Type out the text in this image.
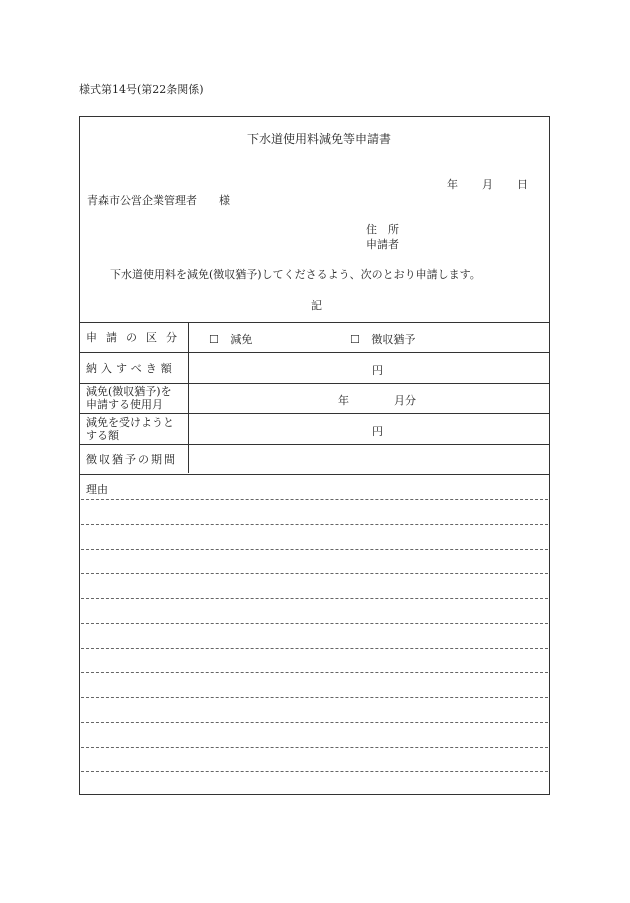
様式第14号(第22条関係)
下水道使用料減免等申請書
年 月 日
青森市公営企業管理者　　様
住　所
申請者
下水道使用料を減免(徴収猶予)してくださるよう、次のとおり申請します。
記
申請の区分 ☐ 減免	☐ 徴収猶予
納入すべき額	円
減免(徴収猶予)を
申請する使用月	年	月分
減免を受けようと
する額	円
徴収猶予の期間
理由
